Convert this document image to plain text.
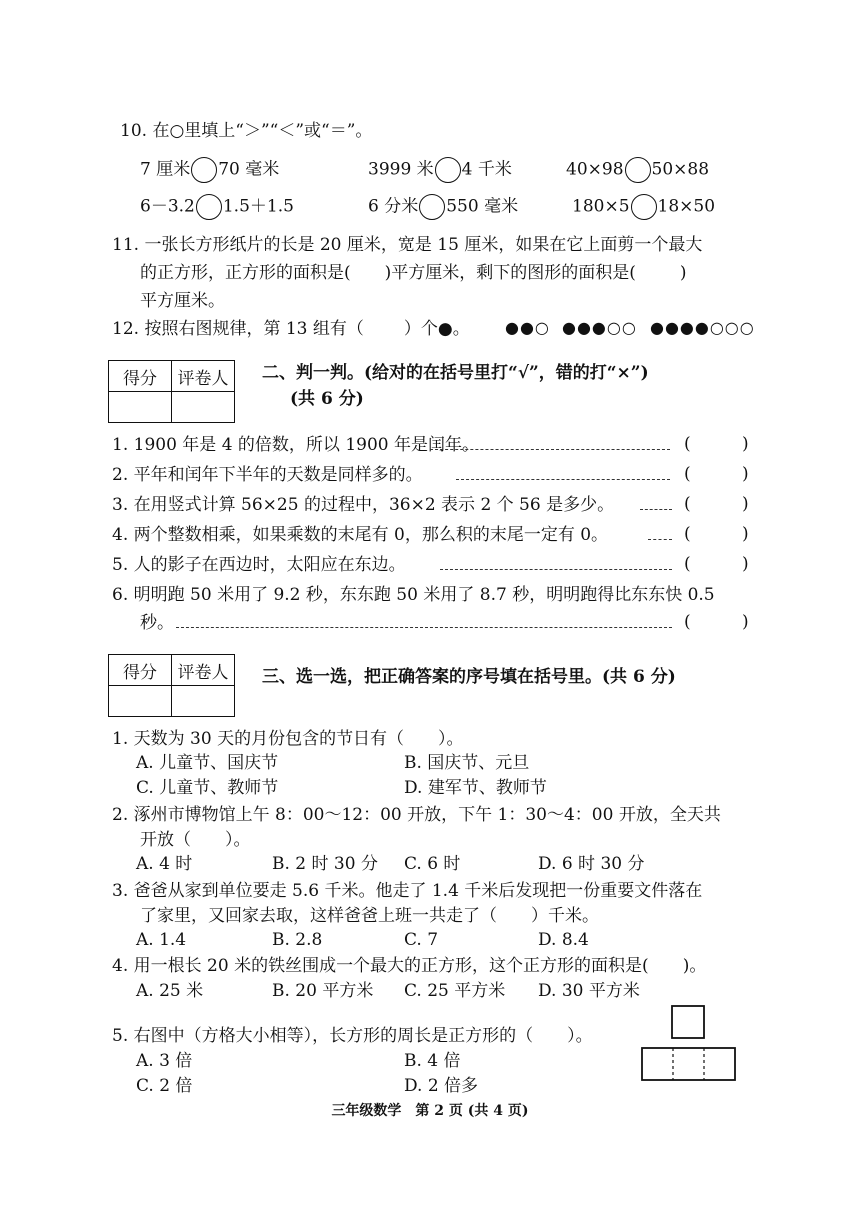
10. 在○里填上“＞”“＜”或“＝”。
7 厘米 70 毫米	3999 米 4 千米	40×98 50×88
6－3.2 1.5＋1.5	6 分米 550 毫米	180×5 18×50
11. 一张长方形纸片的长是 20 厘米，宽是 15 厘米，如果在它上面剪一个最大
的正方形，正方形的面积是( )平方厘米，剩下的图形的面积是(	)
平方厘米。
12. 按照右图规律，第 13 组有（ ）个●。 ●●○ ●●●○○ ●●●●○○○
得分	评卷人
	二、判一判。(给对的在括号里打“√”，错的打“×”)
(共 6 分)
1. 1900 年是 4 的倍数，所以 1900 年是闰年。	(	)
2. 平年和闰年下半年的天数是同样多的。	(	)
3. 在用竖式计算 56×25 的过程中，36×2 表示 2 个 56 是多少。	(	)
4. 两个整数相乘，如果乘数的末尾有 0，那么积的末尾一定有 0。	(	)
5. 人的影子在西边时，太阳应在东边。	(	)
6. 明明跑 50 米用了 9.2 秒，东东跑 50 米用了 8.7 秒，明明跑得比东东快 0.5
秒。	(	)
得分	评卷人
	三、选一选，把正确答案的序号填在括号里。(共 6 分)
1. 天数为 30 天的月份包含的节日有（　　）。
A. 儿童节、国庆节	B. 国庆节、元旦
C. 儿童节、教师节	D. 建军节、教师节
2. 涿州市博物馆上午 8：00～12：00 开放，下午 1：30～4：00 开放，全天共
开放（　　）。
A. 4 时	B. 2 时 30 分 C. 6 时	D. 6 时 30 分
3. 爸爸从家到单位要走 5.6 千米。他走了 1.4 千米后发现把一份重要文件落在
了家里，又回家去取，这样爸爸上班一共走了（　　）千米。
A. 1.4	B. 2.8	C. 7	D. 8.4
4. 用一根长 20 米的铁丝围成一个最大的正方形，这个正方形的面积是(　　)。
A. 25 米	B. 20 平方米 C. 25 平方米 D. 30 平方米
5. 右图中（方格大小相等），长方形的周长是正方形的（　　）。
A. 3 倍	B. 4 倍
C. 2 倍	D. 2 倍多
三年级数学　第 2 页 (共 4 页)
